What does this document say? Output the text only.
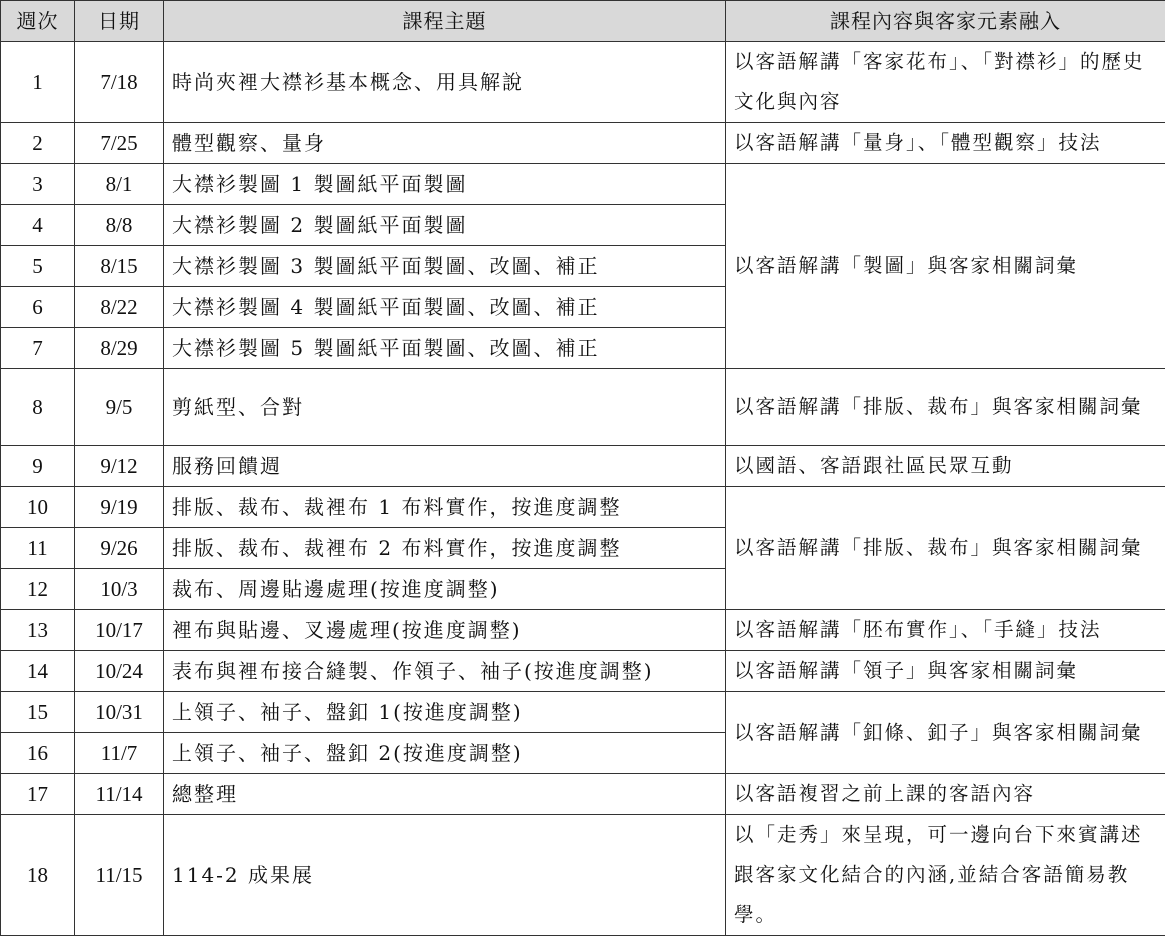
週次	日期	課程主題	課程內容與客家元素融入
1	7/18	時尚夾裡大襟衫基本概念、用具解說	以客語解講「客家花布」、「對襟衫」的歷史文化與內容
2	7/25	體型觀察、量身	以客語解講「量身」、「體型觀察」技法
3	8/1	大襟衫製圖 1 製圖紙平面製圖	以客語解講「製圖」與客家相關詞彙
4	8/8	大襟衫製圖 2 製圖紙平面製圖	
5	8/15	大襟衫製圖 3 製圖紙平面製圖、改圖、補正	
6	8/22	大襟衫製圖 4 製圖紙平面製圖、改圖、補正	
7	8/29	大襟衫製圖 5 製圖紙平面製圖、改圖、補正	
8	9/5	剪紙型、合對	以客語解講「排版、裁布」與客家相關詞彙
9	9/12	服務回饋週	以國語、客語跟社區民眾互動
10	9/19	排版、裁布、裁裡布 1 布料實作，按進度調整	以客語解講「排版、裁布」與客家相關詞彙
11	9/26	排版、裁布、裁裡布 2 布料實作，按進度調整	
12	10/3	裁布、周邊貼邊處理(按進度調整)	
13	10/17	裡布與貼邊、叉邊處理(按進度調整)	以客語解講「胚布實作」、「手縫」技法
14	10/24	表布與裡布接合縫製、作領子、袖子(按進度調整)	以客語解講「領子」與客家相關詞彙
15	10/31	上領子、袖子、盤釦 1(按進度調整)	以客語解講「釦條、釦子」與客家相關詞彙
16	11/7	上領子、袖子、盤釦 2(按進度調整)	
17	11/14	總整理	以客語複習之前上課的客語內容
18	11/15	114-2 成果展	以「走秀」來呈現，可一邊向台下來賓講述跟客家文化結合的內涵,並結合客語簡易教學。
